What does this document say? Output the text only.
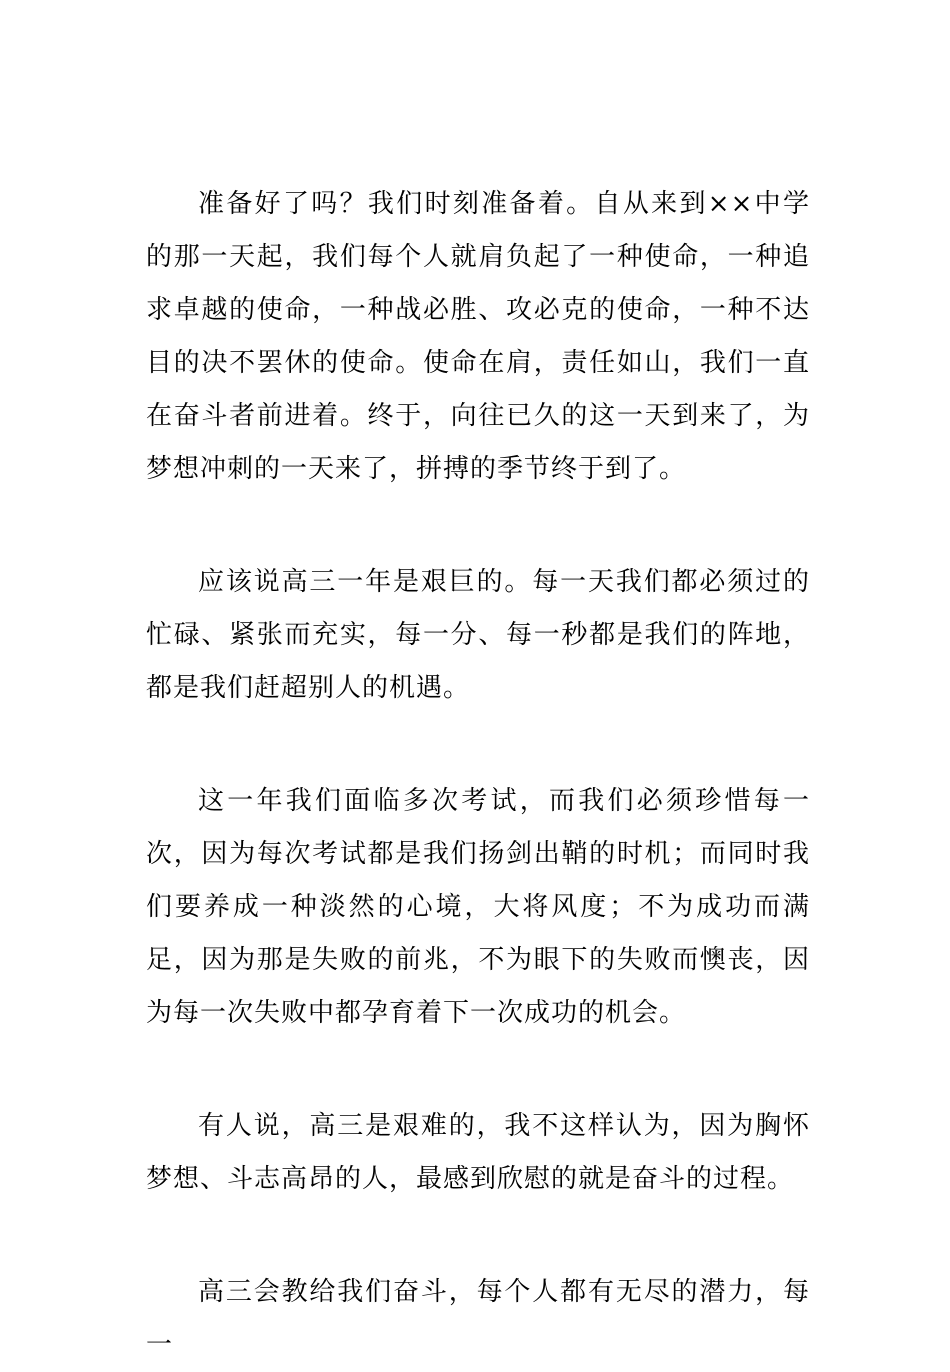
准备好了吗？我们时刻准备着。自从来到××中学的那一天起，我们每个人就肩负起了一种使命，一种追求卓越的使命，一种战必胜、攻必克的使命，一种不达目的决不罢休的使命。使命在肩，责任如山，我们一直在奋斗者前进着。终于，向往已久的这一天到来了，为梦想冲刺的一天来了，拼搏的季节终于到了。

应该说高三一年是艰巨的。每一天我们都必须过的忙碌、紧张而充实，每一分、每一秒都是我们的阵地，都是我们赶超别人的机遇。

这一年我们面临多次考试，而我们必须珍惜每一次，因为每次考试都是我们扬剑出鞘的时机；而同时我们要养成一种淡然的心境，大将风度；不为成功而满足，因为那是失败的前兆，不为眼下的失败而懊丧，因为每一次失败中都孕育着下一次成功的机会。

有人说，高三是艰难的，我不这样认为，因为胸怀梦想、斗志高昂的人，最感到欣慰的就是奋斗的过程。

高三会教给我们奋斗，每个人都有无尽的潜力，每一
